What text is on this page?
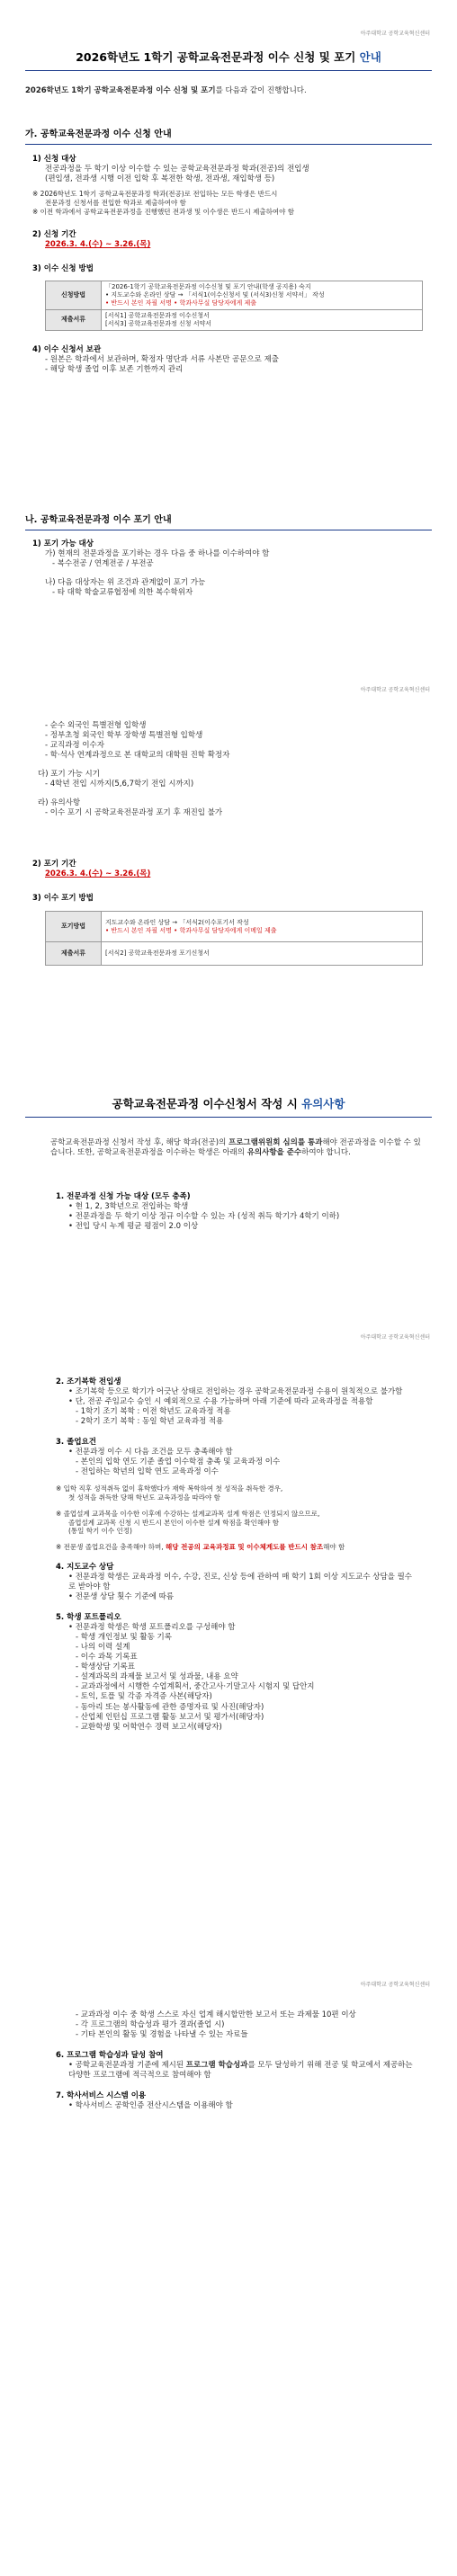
아주대학교 공학교육혁신센터
2026학년도 1학기 공학교육전문과정 이수 신청 및 포기 안내

2026학년도 1학기 공학교육전문과정 이수 신청 및 포기를 다음과 같이 진행합니다.

가. 공학교육전문과정 이수 신청 안내
1) 신청 대상

전공과정을 두 학기 이상 이수할 수 있는 공학교육전문과정 학과(전공)의 전입생

(편입생, 전과생 시행 이전 입학 후 복전한 학생, 전과생, 재입학생 등)

※ 2026학년도 1학기 공학교육전문과정 학과(전공)로 전입하는 모든 학생은 반드시

전문과정 신청서를 전입한 학과로 제출하여야 함

※ 이전 학과에서 공학교육전문과정을 진행했던 전과생 및 이수생은 반드시 제출하여야 함

2) 신청 기간

2026.3. 4.(수) ~ 3.26.(목)

3) 이수 신청 방법
신청방법	「2026-1학기 공학교육전문과정 이수신청 및 포기 안내(학생 공지용) 숙지
• 지도교수와 온라인 상담 → 「서식1(이수신청서 및 (서식3)신청 서약서」 작성
• 반드시 본인 자필 서명 • 학과사무실 담당자에게 제출

제출서류	[서식1] 공학교육전문과정 이수신청서
[서식3] 공학교육전문과정 신청 서약서
4) 이수 신청서 보관

- 원본은 학과에서 보관하며, 확정자 명단과 서류 사본만 공문으로 제출

- 해당 학생 졸업 이후 보존 기한까지 관리

나. 공학교육전문과정 이수 포기 안내
1) 포기 가능 대상

가) 현재의 전문과정을 포기하는 경우 다음 중 하나를 이수하여야 함

- 복수전공 / 연계전공 / 부전공

나) 다음 대상자는 위 조건과 관계없이 포기 가능

- 타 대학 학술교류협정에 의한 복수학위자

아주대학교 공학교육혁신센터

- 순수 외국인 특별전형 입학생

- 정부초청 외국인 학부 장학생 특별전형 입학생

- 교직과정 이수자

- 학·석사 연계과정으로 본 대학교의 대학원 진학 확정자

다) 포기 가능 시기

- 4학년 전입 시까지(5,6,7학기 전입 시까지)

라) 유의사항

- 이수 포기 시 공학교육전문과정 포기 후 재진입 불가

2) 포기 기간

2026.3. 4.(수) ~ 3.26.(목)

3) 이수 포기 방법
포기방법	지도교수와 온라인 상담 → 「서식2(이수포기서 작성
• 반드시 본인 자필 서명 • 학과사무실 담당자에게 이메일 제출

제출서류	[서식2] 공학교육전문과정 포기신청서
공학교육전문과정 이수신청서 작성 시 유의사항

공학교육전문과정 신청서 작성 후, 해당 학과(전공)의 프로그램위원회 심의를 통과해야 전공과정을 이수할 수 있습니다. 또한, 공학교육전문과정을 이수하는 학생은 아래의 유의사항을 준수하여야 합니다.

1. 전문과정 신청 가능 대상 (모두 충족)

• 현 1, 2, 3학년으로 전입하는 학생

• 전문과정을 두 학기 이상 정규 이수할 수 있는 자 (성적 취득 학기가 4학기 이하)

• 전입 당시 누계 평균 평점이 2.0 이상

아주대학교 공학교육혁신센터
2. 조기복학 전입생

• 조기복학 등으로 학기가 어긋난 상태로 전입하는 경우 공학교육전문과정 수용이 원칙적으로 불가함

• 단, 전공 주임교수 승인 시 예외적으로 수용 가능하며 아래 기준에 따라 교육과정을 적용함

- 1학기 조기 복학 : 이전 학년도 교육과정 적용

- 2학기 조기 복학 : 동일 학년 교육과정 적용

3. 졸업요건

• 전문과정 이수 시 다음 조건을 모두 충족해야 함

- 본인의 입학 연도 기준 졸업 이수학점 충족 및 교육과정 이수

- 전입하는 학년의 입학 연도 교육과정 이수

※ 입학 직후 성적취득 없이 휴학했다가 재학 복학하여 첫 성적을 취득한 경우,

첫 성적을 취득한 당해 학년도 교육과정을 따라야 함

※ 졸업설계 교과목을 이수한 이후에 수강하는 설계교과목 설계 학점은 인정되지 않으므로,

졸업설계 교과목 신청 시 반드시 본인이 이수한 설계 학점을 확인해야 함

(통일 학기 이수 인정)

※ 전문생 졸업요건을 충족해야 하며, 해당 전공의 교육과정표 및 이수체계도를 반드시 참조해야 함

4. 지도교수 상담

• 전문과정 학생은 교육과정 이수, 수강, 진로, 신상 등에 관하여 매 학기 1회 이상 지도교수 상담을 필수로 받아야 함

• 전문생 상담 횟수 기준에 따름

5. 학생 포트폴리오

• 전문과정 학생은 학생 포트폴리오를 구성해야 함

- 학생 개인정보 및 활동 기록

- 나의 이력 설계

- 이수 과목 기록표

- 학생상담 기록표

- 설계과목의 과제물 보고서 및 성과물, 내용 요약

- 교과과정에서 시행한 수업계획서, 중간고사·기말고사 시험지 및 답안지

- 토익, 토플 및 각종 자격증 사본(해당자)

- 동아리 또는 봉사활동에 관한 증명자료 및 사진(해당자)

- 산업체 인턴십 프로그램 활동 보고서 및 평가서(해당자)

- 교환학생 및 어학연수 경력 보고서(해당자)

아주대학교 공학교육혁신센터

- 교과과정 이수 중 학생 스스로 자신 업계 해시할만한 보고서 또는 과제물 10편 이상

- 각 프로그램의 학습성과 평가 결과(졸업 시)

- 기타 본인의 활동 및 경험을 나타낼 수 있는 자료들

6. 프로그램 학습성과 달성 참여

• 공학교육전문과정 기준에 제시된 프로그램 학습성과를 모두 달성하기 위해 전공 및 학교에서 제공하는 다양한 프로그램에 적극적으로 참여해야 함

7. 학사서비스 시스템 이용

• 학사서비스 공학인증 전산시스템을 이용해야 함
